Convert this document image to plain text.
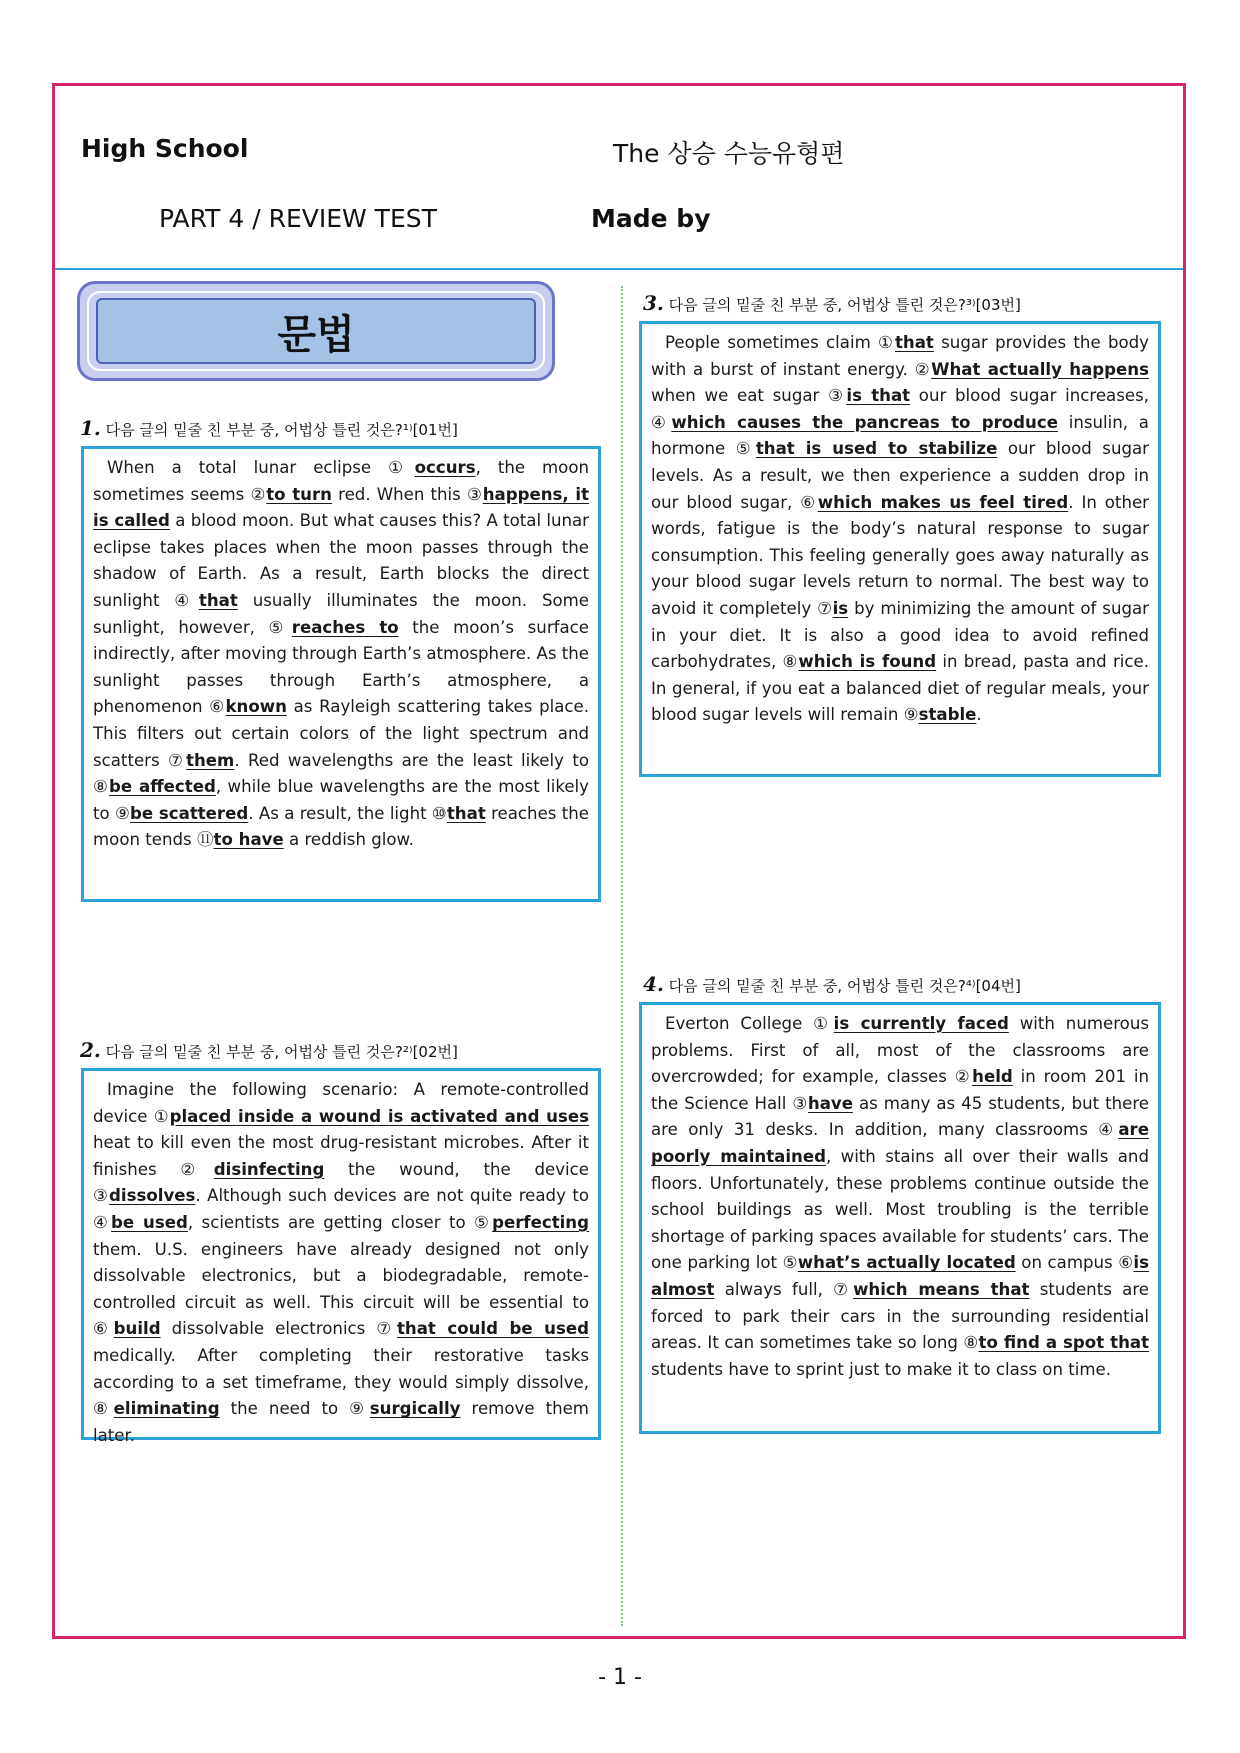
High School	The 상승 수능유형편
PART 4 / REVIEW TEST	Made by
문법
1. 다음 글의 밑줄 친 부분 중, 어법상 틀린 것은?¹⁾[01번]

When a total lunar eclipse ①occurs, the moon sometimes seems ②to turn red. When this ③happens, it is called a blood moon. But what causes this? A total lunar eclipse takes places when the moon passes through the shadow of Earth. As a result, Earth blocks the direct sunlight ④that usually illuminates the moon. Some sunlight, however, ⑤reaches to the moon’s surface indirectly, after moving through Earth’s atmosphere. As the sunlight passes through Earth’s atmosphere, a phenomenon ⑥known as Rayleigh scattering takes place. This filters out certain colors of the light spectrum and scatters ⑦them. Red wavelengths are the least likely to ⑧be affected, while blue wavelengths are the most likely to ⑨be scattered. As a result, the light ⑩that reaches the moon tends ⑪to have a reddish glow.

2. 다음 글의 밑줄 친 부분 중, 어법상 틀린 것은?²⁾[02번]

Imagine the following scenario: A remote-controlled device ①placed inside a wound is activated and uses heat to kill even the most drug-resistant microbes. After it finishes ②disinfecting the wound, the device ③dissolves. Although such devices are not quite ready to ④be used, scientists are getting closer to ⑤perfecting them. U.S. engineers have already designed not only dissolvable electronics, but a biodegradable, remote-controlled circuit as well. This circuit will be essential to ⑥build dissolvable electronics ⑦that could be used medically. After completing their restorative tasks according to a set timeframe, they would simply dissolve, ⑧eliminating the need to ⑨surgically remove them later.

3. 다음 글의 밑줄 친 부분 중, 어법상 틀린 것은?³⁾[03번]

People sometimes claim ①that sugar provides the body with a burst of instant energy. ②What actually happens when we eat sugar ③is that our blood sugar increases, ④which causes the pancreas to produce insulin, a hormone ⑤that is used to stabilize our blood sugar levels. As a result, we then experience a sudden drop in our blood sugar, ⑥which makes us feel tired. In other words, fatigue is the body’s natural response to sugar consumption. This feeling generally goes away naturally as your blood sugar levels return to normal. The best way to avoid it completely ⑦is by minimizing the amount of sugar in your diet. It is also a good idea to avoid refined carbohydrates, ⑧which is found in bread, pasta and rice. In general, if you eat a balanced diet of regular meals, your blood sugar levels will remain ⑨stable.

4. 다음 글의 밑줄 친 부분 중, 어법상 틀린 것은?⁴⁾[04번]

Everton College ①is currently faced with numerous problems. First of all, most of the classrooms are overcrowded; for example, classes ②held in room 201 in the Science Hall ③have as many as 45 students, but there are only 31 desks. In addition, many classrooms ④are poorly maintained, with stains all over their walls and floors. Unfortunately, these problems continue outside the school buildings as well. Most troubling is the terrible shortage of parking spaces available for students’ cars. The one parking lot ⑤what’s actually located on campus ⑥is almost always full, ⑦which means that students are forced to park their cars in the surrounding residential areas. It can sometimes take so long ⑧to find a spot that students have to sprint just to make it to class on time.

- 1 -
